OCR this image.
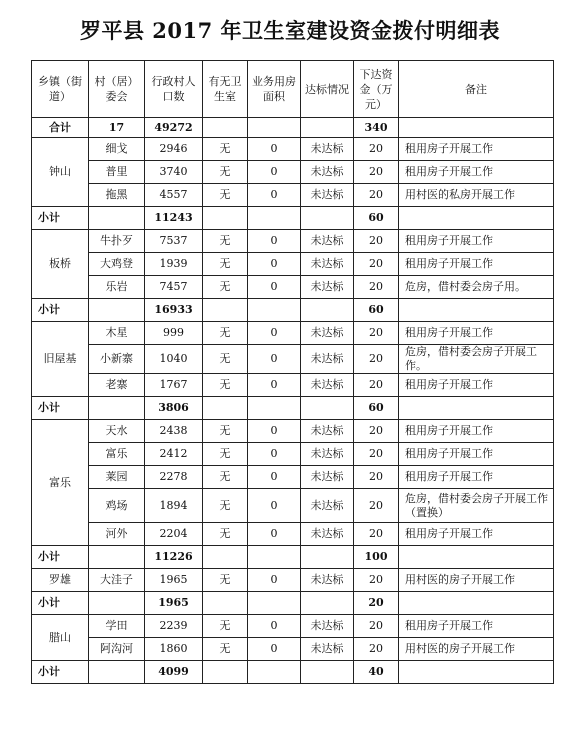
罗平县 2017 年卫生室建设资金拨付明细表
乡镇（街道）	村（居）委会	行政村人口数	有无卫生室	业务用房面积	达标情况	下达资金（万元）	备注
合计	17	49272				340	
钟山	细戈	2946	无	0	未达标	20	租用房子开展工作
	普里	3740	无	0	未达标	20	租用房子开展工作
	拖黑	4557	无	0	未达标	20	用村医的私房开展工作
小计		11243				60	
板桥	牛扑歹	7537	无	0	未达标	20	租用房子开展工作
	大鸡登	1939	无	0	未达标	20	租用房子开展工作
	乐岩	7457	无	0	未达标	20	危房，借村委会房子用。
小计		16933				60	
旧屋基	木星	999	无	0	未达标	20	租用房子开展工作
	小新寨	1040	无	0	未达标	20	危房，借村委会房子开展工作。
	老寨	1767	无	0	未达标	20	租用房子开展工作
小计		3806				60	
富乐	天水	2438	无	0	未达标	20	租用房子开展工作
	富乐	2412	无	0	未达标	20	租用房子开展工作
	莱园	2278	无	0	未达标	20	租用房子开展工作
	鸡场	1894	无	0	未达标	20	危房，借村委会房子开展工作（置换）
	河外	2204	无	0	未达标	20	租用房子开展工作
小计		11226				100	
罗雄	大洼子	1965	无	0	未达标	20	用村医的房子开展工作
小计		1965				20	
腊山	学田	2239	无	0	未达标	20	租用房子开展工作
	阿沟河	1860	无	0	未达标	20	用村医的房子开展工作
小计		4099				40	
